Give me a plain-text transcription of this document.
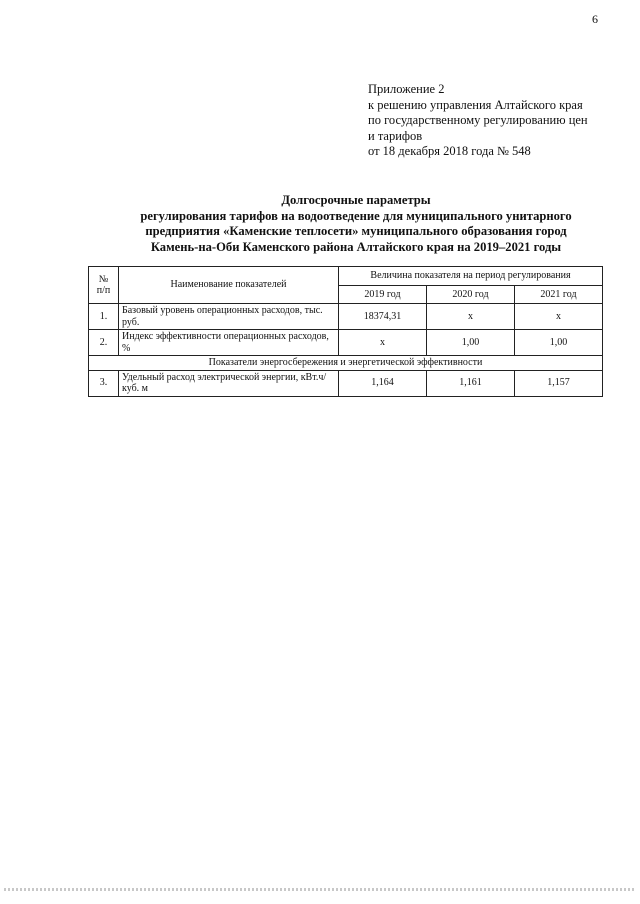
6
Приложение 2
к решению управления Алтайского края
по государственному регулированию цен
и тарифов
от 18 декабря 2018 года № 548
Долгосрочные параметры
регулирования тарифов на водоотведение для муниципального унитарного
предприятия «Каменские теплосети» муниципального образования город
Камень-на-Оби Каменского района Алтайского края на 2019–2021 годы
№
п/п	Наименование показателей	Величина показателя на период регулирования		
		2019 год	2020 год	2021 год
1.	Базовый уровень операционных расходов, тыс. руб.	18374,31	х	х
2.	Индекс эффективности операционных расходов, %	х	1,00	1,00
Показатели энергосбережения и энергетической эффективности				
3.	Удельный расход электрической энергии, кВт.ч/куб. м	1,164	1,161	1,157
